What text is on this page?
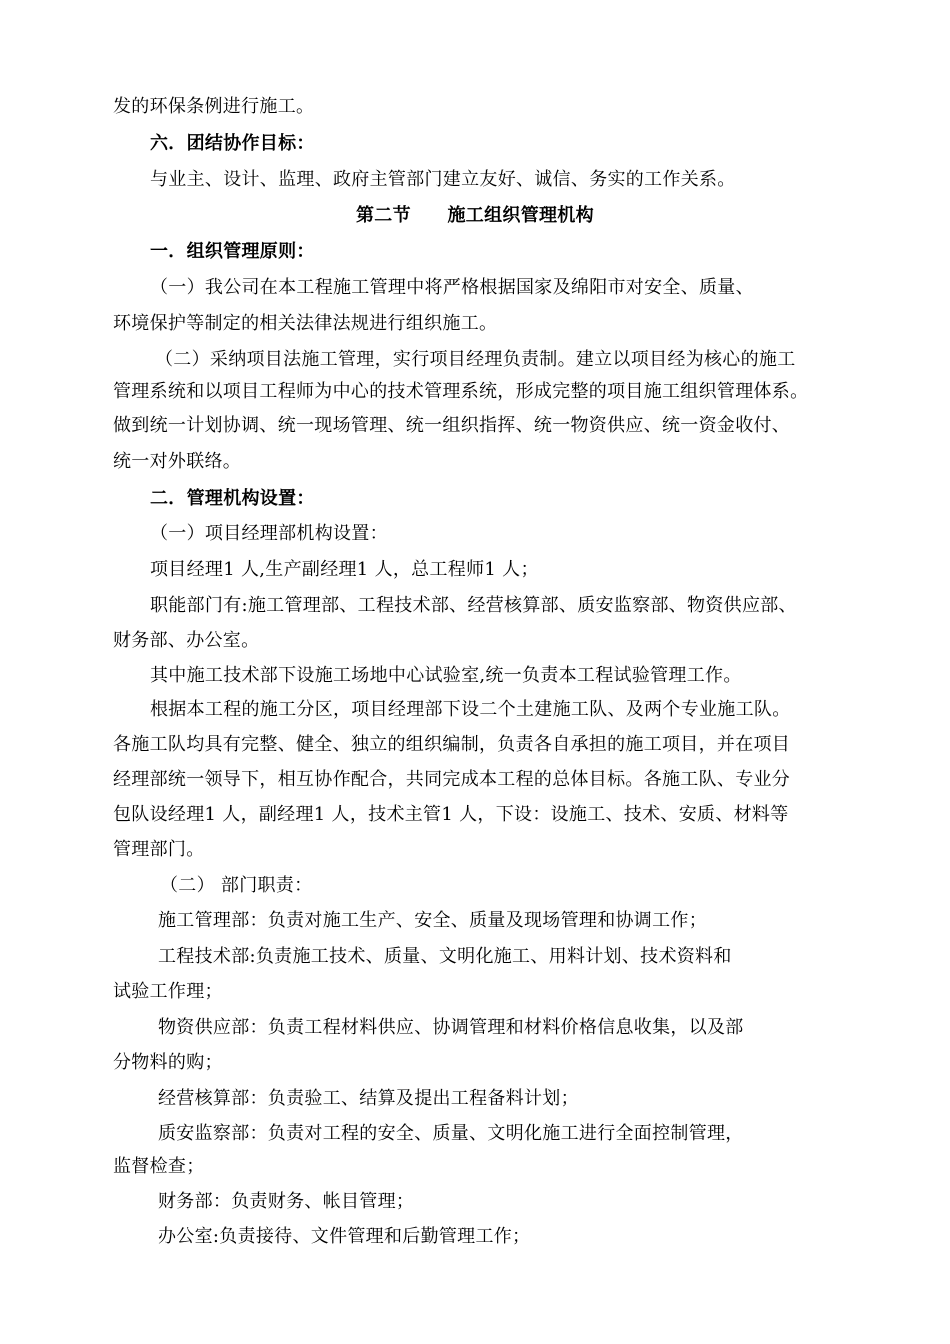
发的环保条例进行施工。
六．团结协作目标：
与业主、设计、监理、政府主管部门建立友好、诚信、务实的工作关系。
第二节　　施工组织管理机构
一．组织管理原则：
（一）我公司在本工程施工管理中将严格根据国家及绵阳市对安全、质量、
环境保护等制定的相关法律法规进行组织施工。
（二）采纳项目法施工管理，实行项目经理负责制。建立以项目经为核心的施工
管理系统和以项目工程师为中心的技术管理系统，形成完整的项目施工组织管理体系。
做到统一计划协调、统一现场管理、统一组织指挥、统一物资供应、统一资金收付、
统一对外联络。
二．管理机构设置：
（一）项目经理部机构设置：
项目经理1 人,生产副经理1 人，总工程师1 人；
职能部门有:施工管理部、工程技术部、经营核算部、质安监察部、物资供应部、
财务部、办公室。
其中施工技术部下设施工场地中心试验室,统一负责本工程试验管理工作。
根据本工程的施工分区，项目经理部下设二个土建施工队、及两个专业施工队。
各施工队均具有完整、健全、独立的组织编制，负责各自承担的施工项目，并在项目
经理部统一领导下，相互协作配合，共同完成本工程的总体目标。各施工队、专业分
包队设经理1 人，副经理1 人，技术主管1 人，下设：设施工、技术、安质、材料等
管理部门。
（二） 部门职责：
施工管理部：负责对施工生产、安全、质量及现场管理和协调工作；
工程技术部:负责施工技术、质量、文明化施工、用料计划、技术资料和
试验工作理；
物资供应部：负责工程材料供应、协调管理和材料价格信息收集，以及部
分物料的购；
经营核算部：负责验工、结算及提出工程备料计划；
质安监察部：负责对工程的安全、质量、文明化施工进行全面控制管理，
监督检查；
财务部：负责财务、帐目管理；
办公室:负责接待、文件管理和后勤管理工作；
